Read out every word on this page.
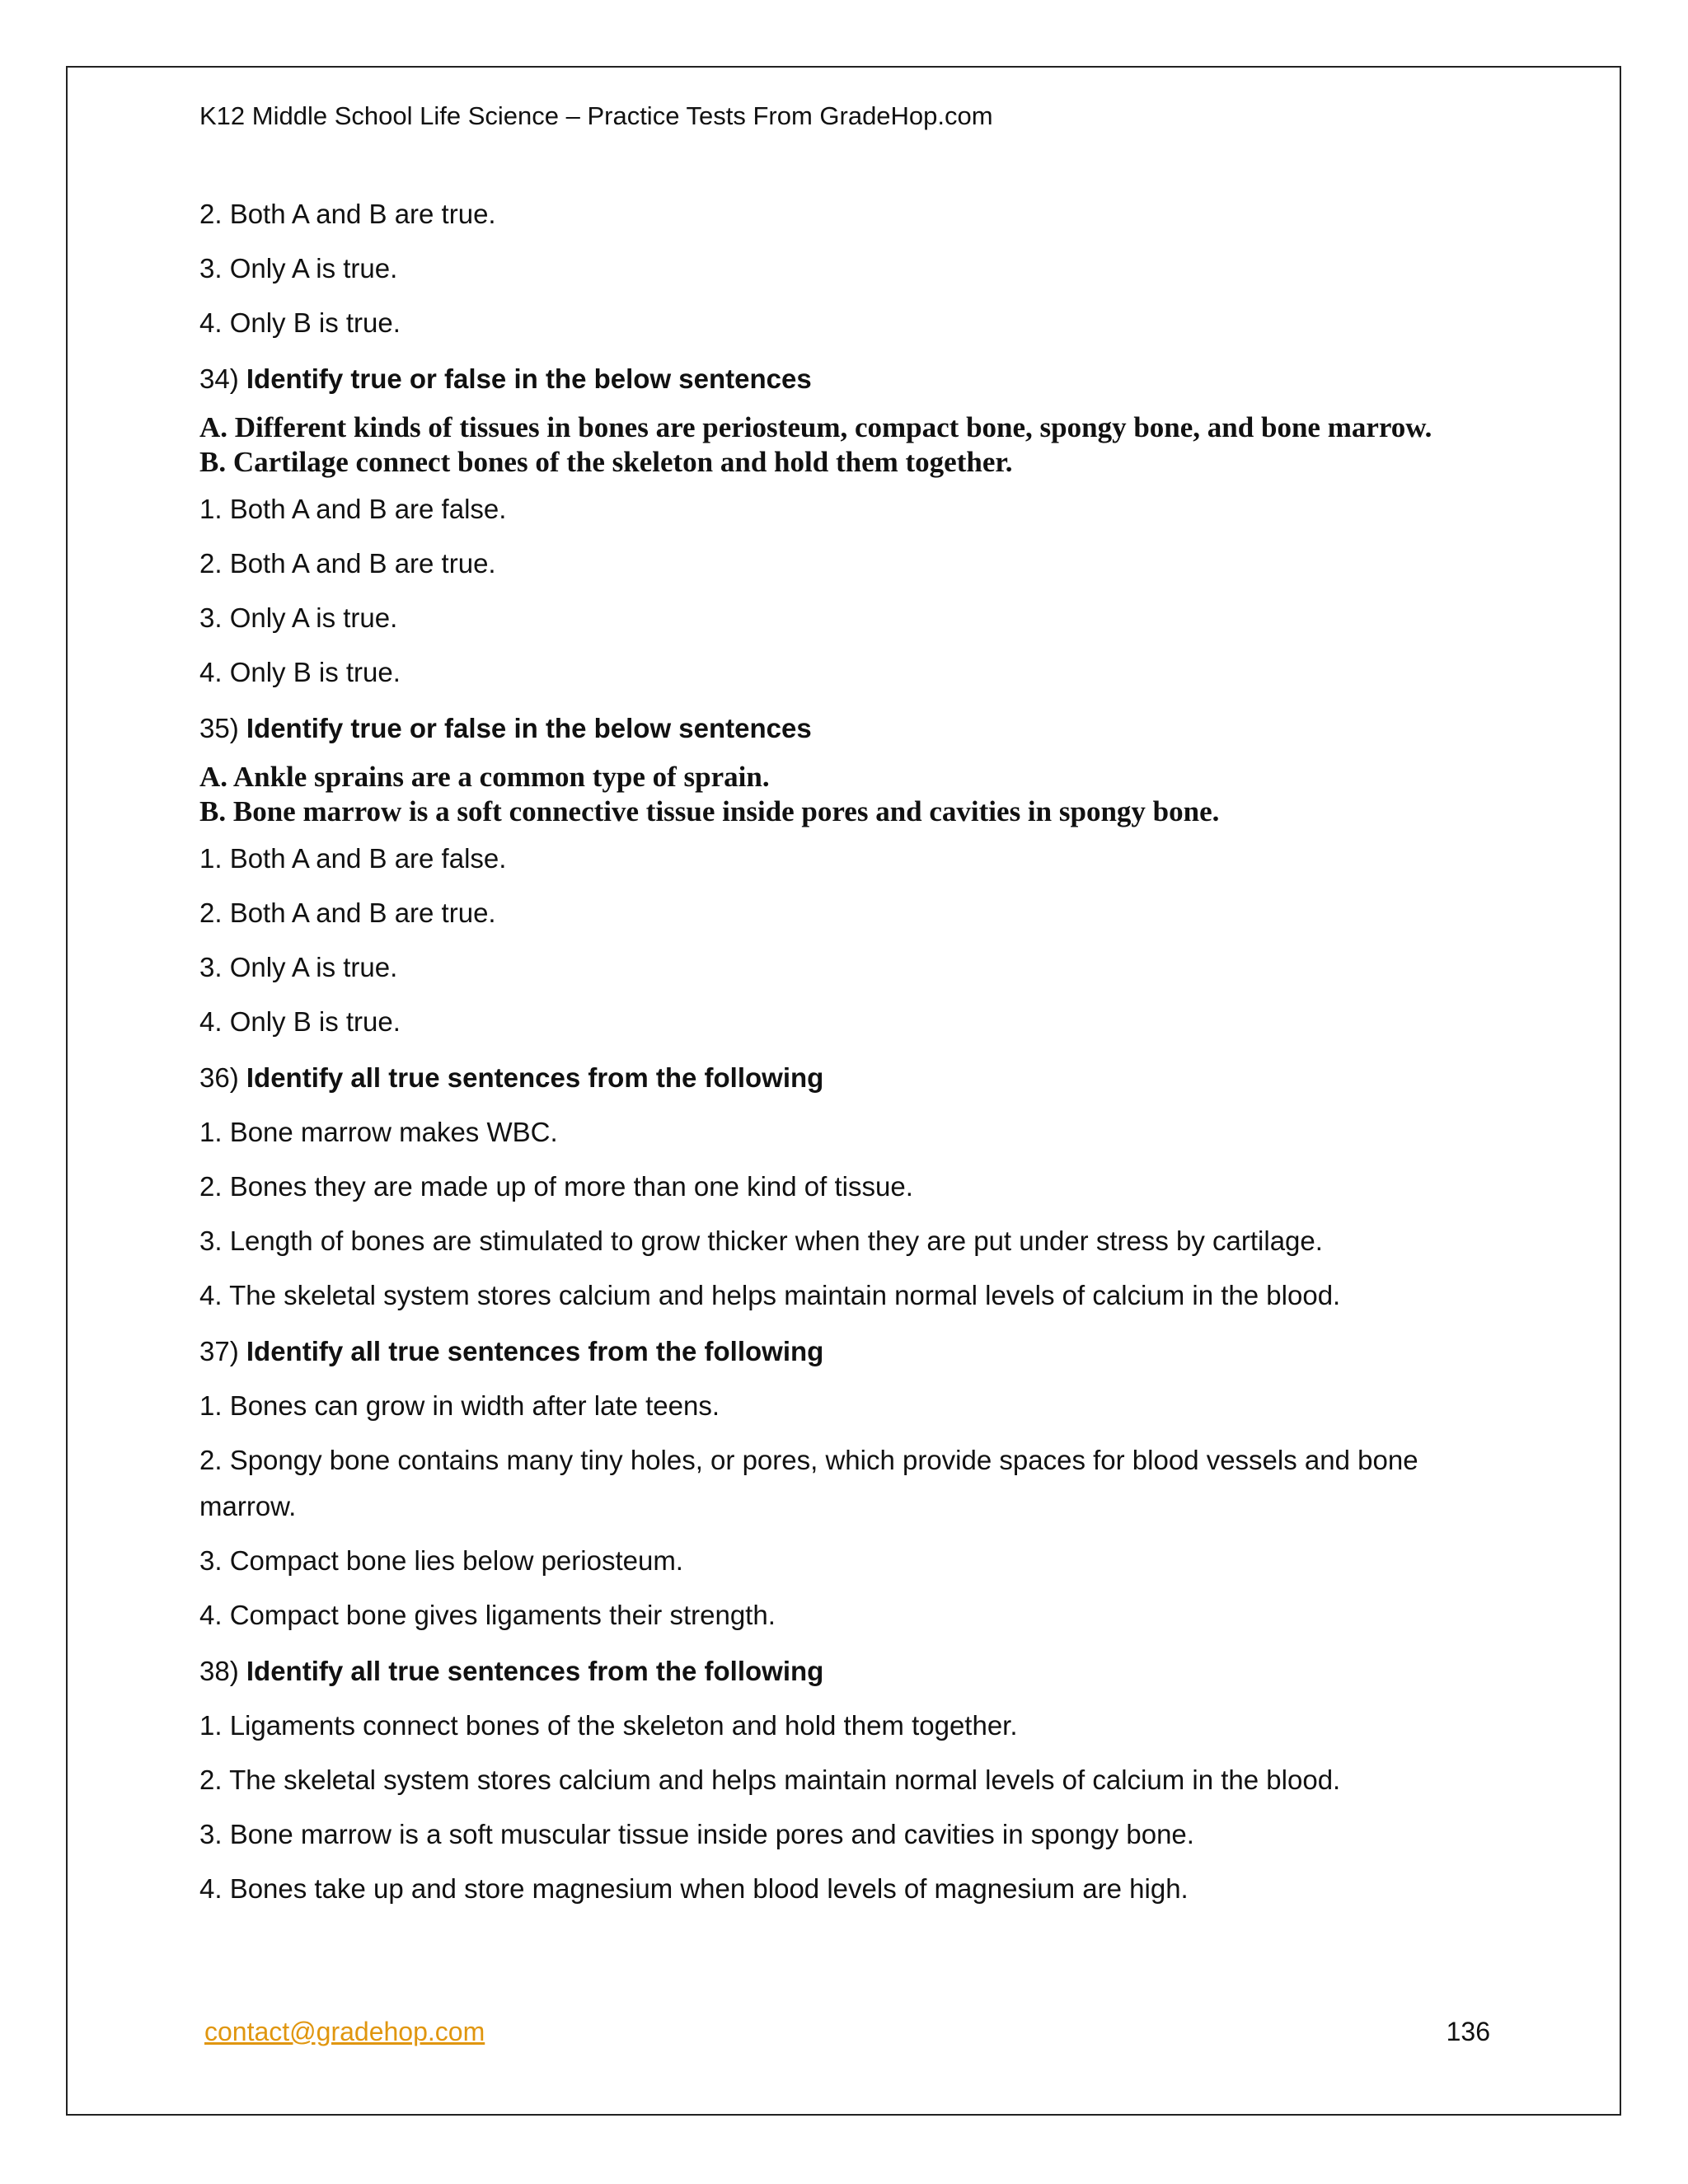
K12 Middle School Life Science – Practice Tests From GradeHop.com
2. Both A and B are true.
3. Only A is true.
4. Only B is true.
34) Identify true or false in the below sentences
A. Different kinds of tissues in bones are periosteum, compact bone, spongy bone, and bone marrow.
B. Cartilage connect bones of the skeleton and hold them together.
1. Both A and B are false.
2. Both A and B are true.
3. Only A is true.
4. Only B is true.
35) Identify true or false in the below sentences
A. Ankle sprains are a common type of sprain.
B. Bone marrow is a soft connective tissue inside pores and cavities in spongy bone.
1. Both A and B are false.
2. Both A and B are true.
3. Only A is true.
4. Only B is true.
36) Identify all true sentences from the following
1. Bone marrow makes WBC.
2. Bones they are made up of more than one kind of tissue.
3. Length of bones are stimulated to grow thicker when they are put under stress by cartilage.
4. The skeletal system stores calcium and helps maintain normal levels of calcium in the blood.
37) Identify all true sentences from the following
1. Bones can grow in width after late teens.
2. Spongy bone contains many tiny holes, or pores, which provide spaces for blood vessels and bone marrow.
3. Compact bone lies below periosteum.
4. Compact bone gives ligaments their strength.
38) Identify all true sentences from the following
1. Ligaments connect bones of the skeleton and hold them together.
2. The skeletal system stores calcium and helps maintain normal levels of calcium in the blood.
3. Bone marrow is a soft muscular tissue inside pores and cavities in spongy bone.
4. Bones take up and store magnesium when blood levels of magnesium are high.
contact@gradehop.com	136
